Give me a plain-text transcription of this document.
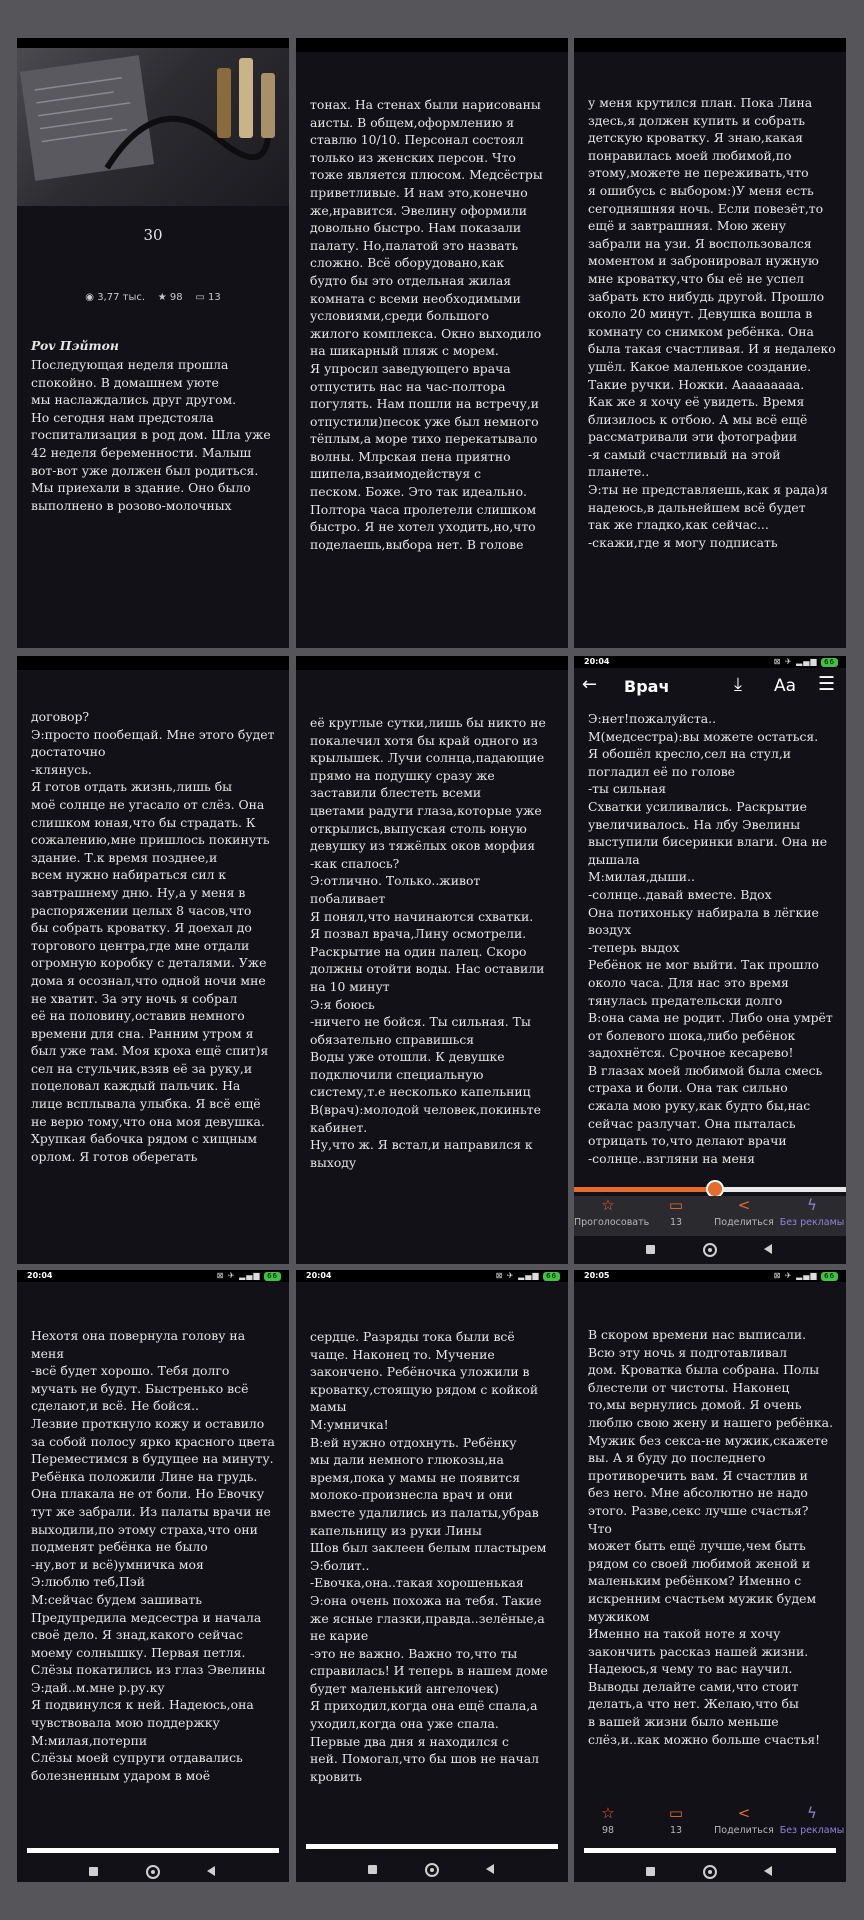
30
◉ 3,77 тыс. ★ 98 ▭ 13
Pov Пэйтон
Последующая неделя прошла
спокойно. В домашнем уюте
мы наслаждались друг другом.
Но сегодня нам предстояла
госпитализация в род дом. Шла уже
42 неделя беременности. Малыш
вот-вот уже должен был родиться.
Мы приехали в здание. Оно было
выполнено в розово-молочных
тонах. На стенах были нарисованы
аисты. В общем,оформлению я
ставлю 10/10. Персонал состоял
только из женских персон. Что
тоже является плюсом. Медсёстры
приветливые. И нам это,конечно
же,нравится. Эвелину оформили
довольно быстро. Нам показали
палату. Но,палатой это назвать
сложно. Всё оборудовано,как
будто бы это отдельная жилая
комната с всеми необходимыми
условиями,среди большого
жилого комплекса. Окно выходило
на шикарный пляж с морем.
Я упросил заведующего врача
отпустить нас на час-полтора
погулять. Нам пошли на встречу,и
отпустили)песок уже был немного
тёплым,а море тихо перекатывало
волны. Млрская пена приятно
шипела,взаимодействуя с
песком. Боже. Это так идеально.
Полтора часа пролетели слишком
быстро. Я не хотел уходить,но,что
поделаешь,выбора нет. В голове
у меня крутился план. Пока Лина
здесь,я должен купить и собрать
детскую кроватку. Я знаю,какая
понравилась моей любимой,по
этому,можете не переживать,что
я ошибусь с выбором:)У меня есть
сегодняшняя ночь. Если повезёт,то
ещё и завтрашняя. Мою жену
забрали на узи. Я воспользовался
моментом и забронировал нужную
мне кроватку,что бы её не успел
забрать кто нибудь другой. Прошло
около 20 минут. Девушка вошла в
комнату со снимком ребёнка. Она
была такая счастливая. И я недалеко
ушёл. Какое маленькое создание.
Такие ручки. Ножки. Ааааааааа.
Как же я хочу её увидеть. Время
близилось к отбою. А мы всё ещё
рассматривали эти фотографии
-я самый счастливый на этой
планете..
Э:ты не представляешь,как я рада)я
надеюсь,в дальнейшем всё будет
так же гладко,как сейчас...
-скажи,где я могу подписать
договор?
Э:просто пообещай. Мне этого будет
достаточно
-клянусь.
Я готов отдать жизнь,лишь бы
моё солнце не угасало от слёз. Она
слишком юная,что бы страдать. К
сожалению,мне пришлось покинуть
здание. Т.к время позднее,и
всем нужно набираться сил к
завтрашнему дню. Ну,а у меня в
распоряжении целых 8 часов,что
бы собрать кроватку. Я доехал до
торгового центра,где мне отдали
огромную коробку с деталями. Уже
дома я осознал,что одной ночи мне
не хватит. За эту ночь я собрал
её на половину,оставив немного
времени для сна. Ранним утром я
был уже там. Моя кроха ещё спит)я
сел на стульчик,взяв её за руку,и
поцеловал каждый пальчик. На
лице всплывала улыбка. Я всё ещё
не верю тому,что она моя девушка.
Хрупкая бабочка рядом с хищным
орлом. Я готов оберегать
её круглые сутки,лишь бы никто не
покалечил хотя бы край одного из
крылышек. Лучи солнца,падающие
прямо на подушку сразу же
заставили блестеть всеми
цветами радуги глаза,которые уже
открылись,выпуская столь юную
девушку из тяжёлых оков морфия
-как спалось?
Э:отлично. Только..живот
побаливает
Я понял,что начинаются схватки.
Я позвал врача,Лину осмотрели.
Раскрытие на один палец. Скоро
должны отойти воды. Нас оставили
на 10 минут
Э:я боюсь
-ничего не бойся. Ты сильная. Ты
обязательно справишься
Воды уже отошли. К девушке
подключили специальную
систему,т.е несколько капельниц
В(врач):молодой человек,покиньте
кабинет.
Ну,что ж. Я встал,и направился к
выходу
20:04	⊠ ✈ ▂▄▆ 66
← Врач	⤓ Aa ☰
Э:нет!пожалуйста..
М(медсестра):вы можете остаться.
Я обошёл кресло,сел на стул,и
погладил её по голове
-ты сильная
Схватки усиливались. Раскрытие
увеличивалось. На лбу Эвелины
выступили бисеринки влаги. Она не
дышала
М:милая,дыши..
-солнце..давай вместе. Вдох
Она потихоньку набирала в лёгкие
воздух
-теперь выдох
Ребёнок не мог выйти. Так прошло
около часа. Для нас это время
тянулась предательски долго
В:она сама не родит. Либо она умрёт
от болевого шока,либо ребёнок
задохнётся. Срочное кесарево!
В глазах моей любимой была смесь
страха и боли. Она так сильно
сжала мою руку,как будто бы,нас
сейчас разлучат. Она пыталась
отрицать то,что делают врачи
-солнце..взгляни на меня
☆
Проголосовать
▭
13
<
Поделиться
ϟ
Без рекламы
20:04	⊠ ✈ ▂▄▆ 66
Нехотя она повернула голову на
меня
-всё будет хорошо. Тебя долго
мучать не будут. Быстренько всё
сделают,и всё. Не бойся..
Лезвие проткнуло кожу и оставило
за собой полосу ярко красного цвета
Переместимся в будущее на минуту.
Ребёнка положили Лине на грудь.
Она плакала не от боли. Но Евочку
тут же забрали. Из палаты врачи не
выходили,по этому страха,что они
подменят ребёнка не было
-ну,вот и всё)умничка моя
Э:люблю теб,Пэй
М:сейчас будем зашивать
Предупредила медсестра и начала
своё дело. Я знад,какого сейчас
моему солнышку. Первая петля.
Слёзы покатились из глаз Эвелины
Э:дай..м.мне р.ру.ку
Я подвинулся к ней. Надеюсь,она
чувствовала мою поддержку
М:милая,потерпи
Слёзы моей супруги отдавались
болезненным ударом в моё
20:04	⊠ ✈ ▂▄▆ 66
сердце. Разряды тока были всё
чаще. Наконец то. Мучение
закончено. Ребёночка уложили в
кроватку,стоящую рядом с койкой
мамы
М:умничка!
В:ей нужно отдохнуть. Ребёнку
мы дали немного глюкозы,на
время,пока у мамы не появится
молоко-произнесла врач и они
вместе удалились из палаты,убрав
капельницу из руки Лины
Шов был заклеен белым пластырем
Э:болит..
-Евочка,она..такая хорошенькая
Э:она очень похожа на тебя. Такие
же ясные глазки,правда..зелёные,а
не карие
-это не важно. Важно то,что ты
справилась! И теперь в нашем доме
будет маленький ангелочек)
Я приходил,когда она ещё спала,а
уходил,когда она уже спала.
Первые два дня я находился с
ней. Помогал,что бы шов не начал
кровить
20:05	⊠ ✈ ▂▄▆ 66
В скором времени нас выписали.
Всю эту ночь я подготавливал
дом. Кроватка была собрана. Полы
блестели от чистоты. Наконец
то,мы вернулись домой. Я очень
люблю свою жену и нашего ребёнка.
Мужик без секса-не мужик,скажете
вы. А я буду до последнего
противоречить вам. Я счастлив и
без него. Мне абсолютно не надо
этого. Разве,секс лучше счастья? Что
может быть ещё лучше,чем быть
рядом со своей любимой женой и
маленьким ребёнком? Именно с
искренним счастьем мужик будем
мужиком
Именно на такой ноте я хочу
закончить рассказ нашей жизни.
Надеюсь,я чему то вас научил.
Выводы делайте сами,что стоит
делать,а что нет. Желаю,что бы
в вашей жизни было меньше
слёз,и..как можно больше счастья!
☆
98
▭
13
<
Поделиться
ϟ
Без рекламы
